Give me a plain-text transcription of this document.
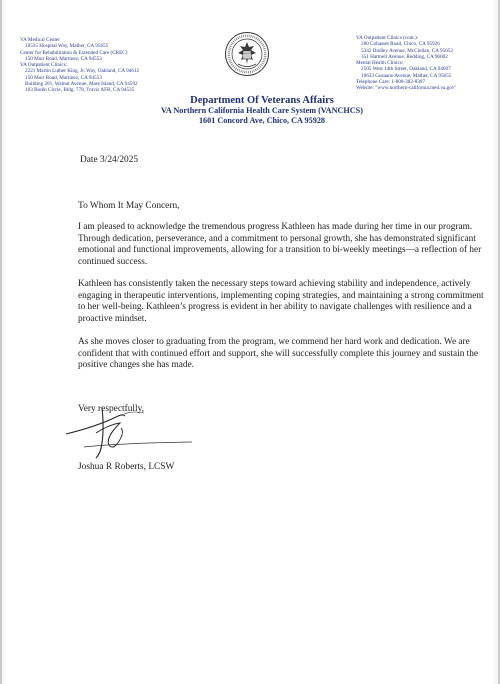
VA Medical Center
10535 Hospital Way, Mather, CA 95655
Center for Rehabilitation & Extended Care (CREC)
150 Muir Road, Martinez, CA 94553
VA Outpatient Clinics:
2221 Martin Luther King, Jr. Way, Oakland, CA 94612
150 Muir Road, Martinez, CA 94553
Building 201, Walnut Avenue, Mare Island, CA 94592
103 Bodin Circle, Bldg. 778, Travis AFB, CA 94535
VA Outpatient Clinics (cont.):
280 Cohasset Road, Chico, CA 95926
5342 Dudley Avenue, McClellan, CA 95652
351 Hartnell Avenue, Redding, CA 96002
Mental Health Clinics:
2505 West 14th Street, Oakland, CA 94607
10633 Gusaano Avenue, Mather, CA 95655
Telephone Care: 1-800-382-8387
Website: "www.northern-california.med.va.gov"
Department Of Veterans Affairs
VA Northern California Health Care System (VANCHCS)
1601 Concord Ave, Chico, CA 95928
Date 3/24/2025
To Whom It May Concern,
I am pleased to acknowledge the tremendous progress Kathleen has made during her time in our program. Through dedication, perseverance, and a commitment to personal growth, she has demonstrated significant emotional and functional improvements, allowing for a transition to bi-weekly meetings—a reflection of her continued success.
Kathleen has consistently taken the necessary steps toward achieving stability and independence, actively engaging in therapeutic interventions, implementing coping strategies, and maintaining a strong commitment to her well-being. Kathleen’s progress is evident in her ability to navigate challenges with resilience and a proactive mindset.
As she moves closer to graduating from the program, we commend her hard work and dedication. We are confident that with continued effort and support, she will successfully complete this journey and sustain the positive changes she has made.
Very respectfully,
Joshua R Roberts, LCSW
